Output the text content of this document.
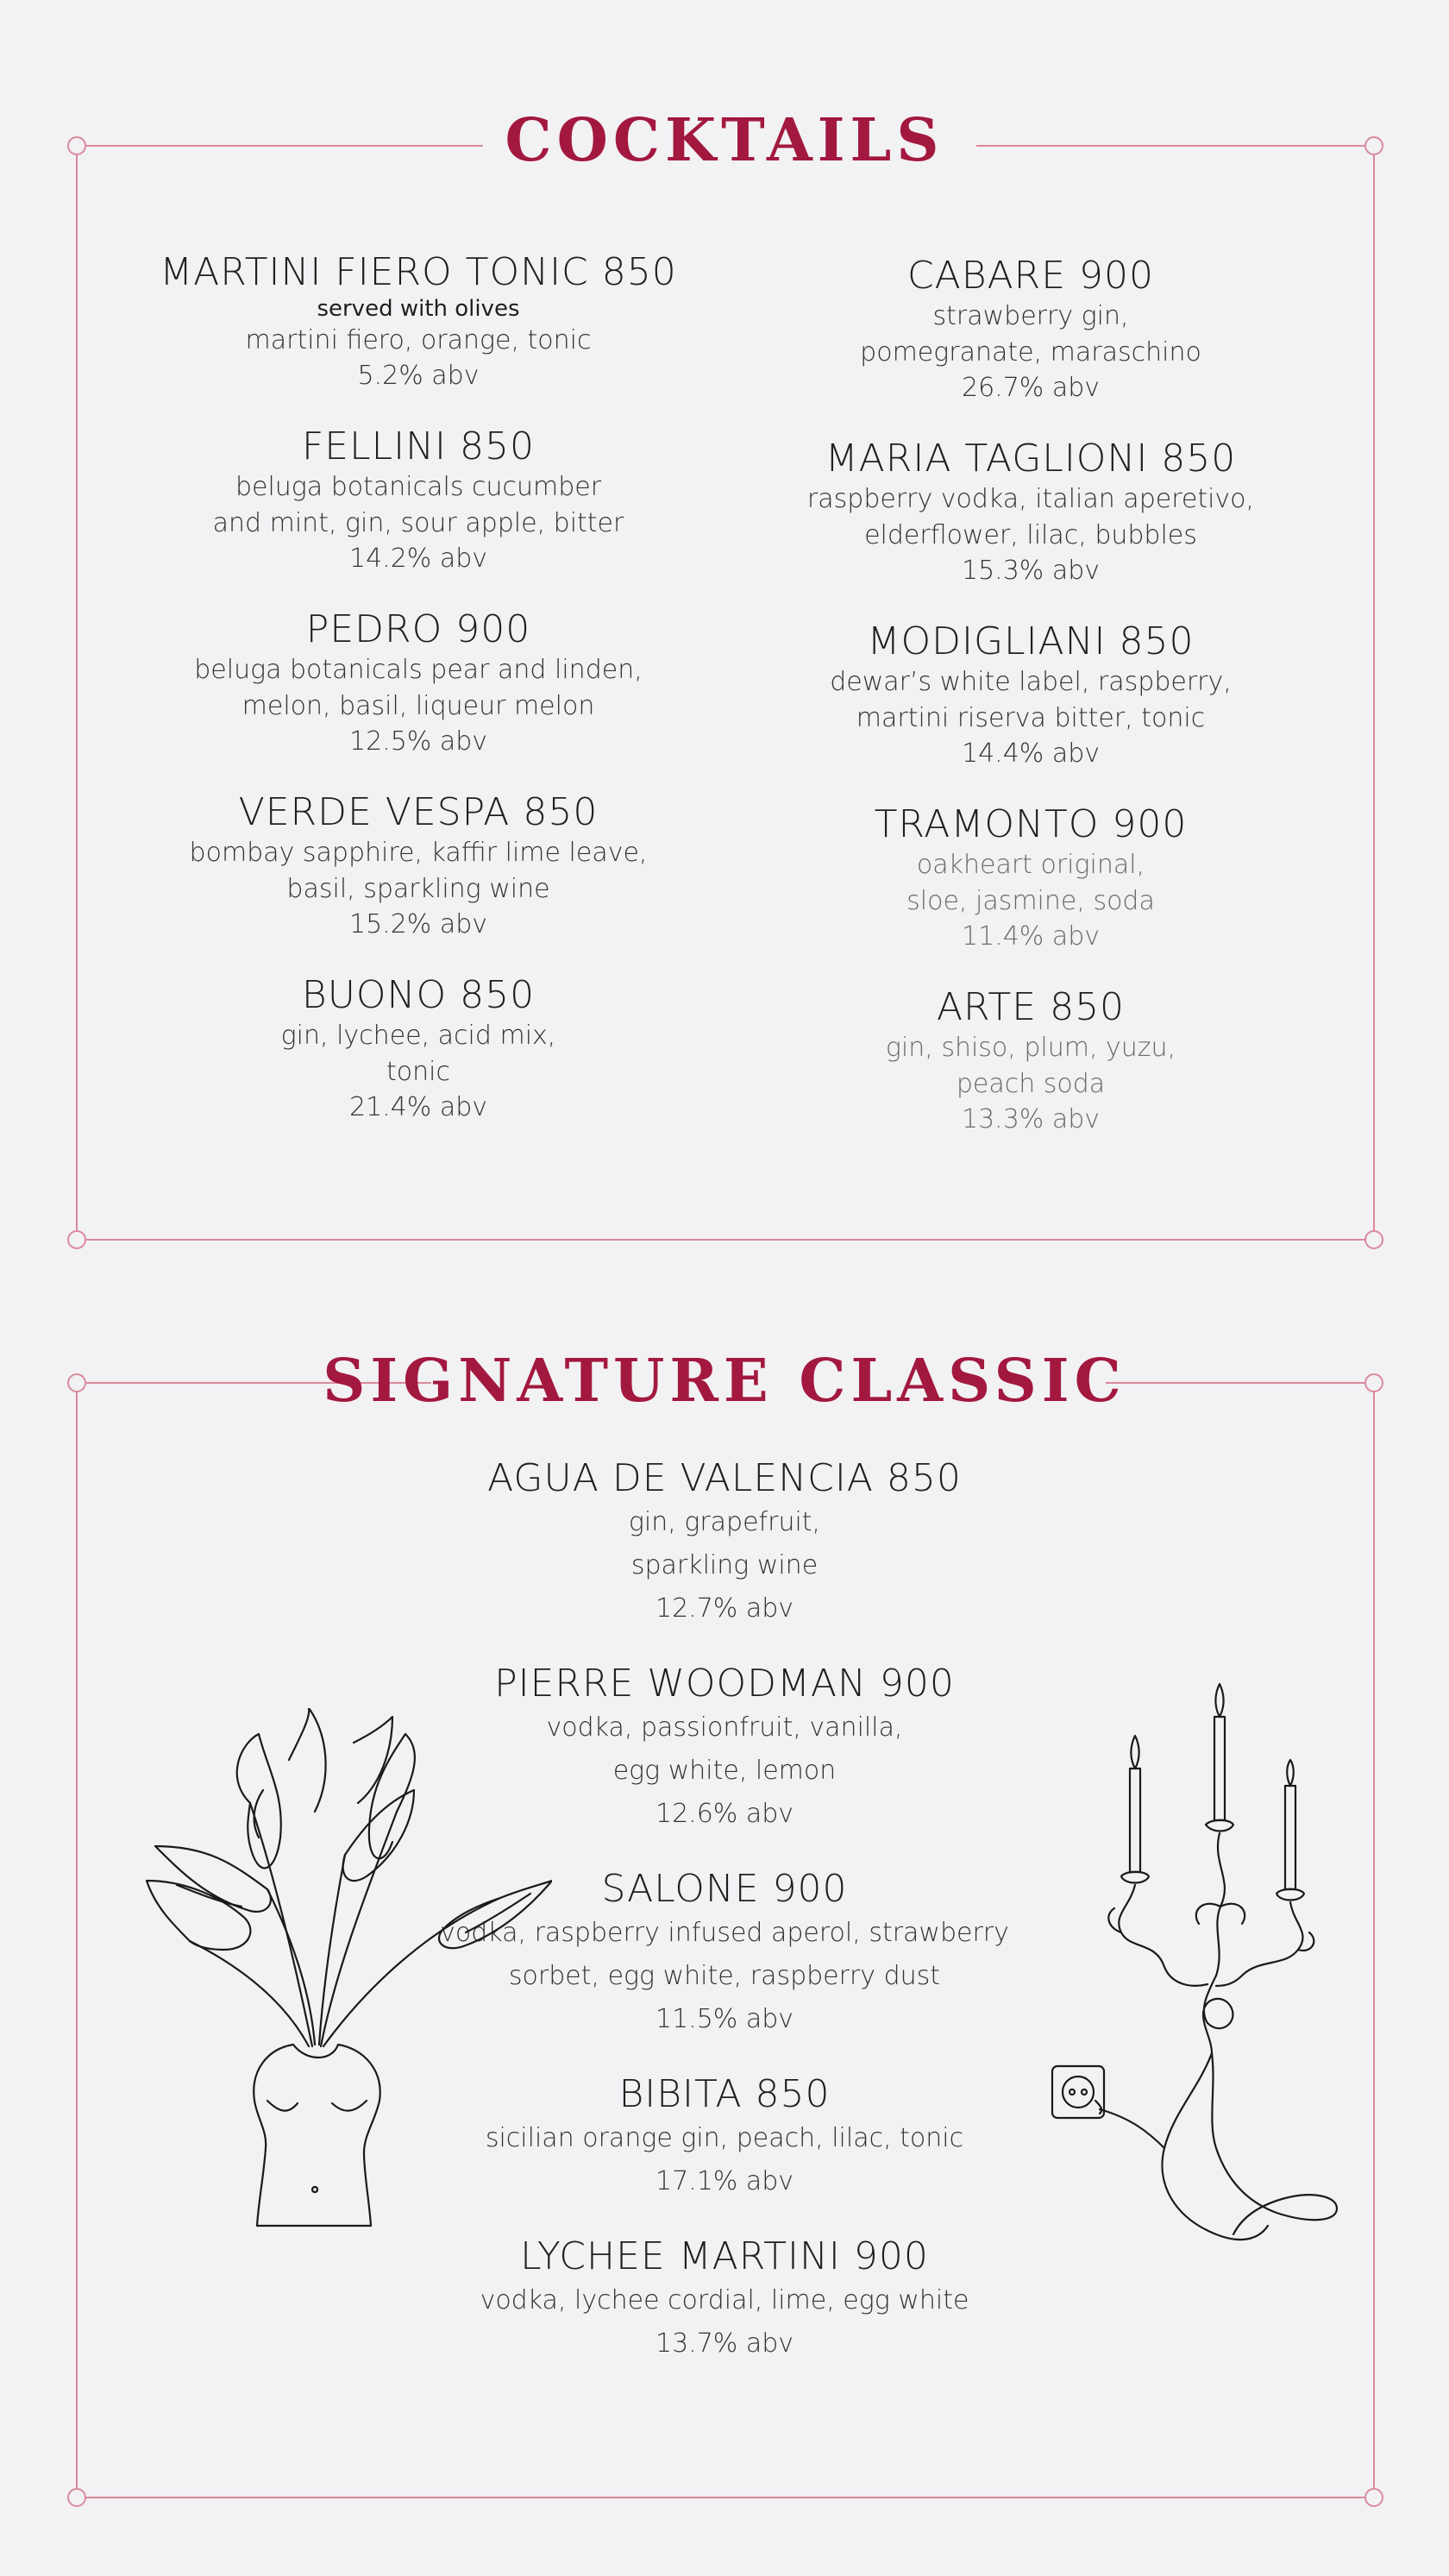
COCKTAILS
MARTINI FIERO TONIC 850
served with olives
martini fiero, orange, tonic
5.2% abv
FELLINI 850
beluga botanicals cucumber
and mint, gin, sour apple, bitter
14.2% abv
PEDRO 900
beluga botanicals pear and linden,
melon, basil, liqueur melon
12.5% abv
VERDE VESPA 850
bombay sapphire, kaffir lime leave,
basil, sparkling wine
15.2% abv
BUONO 850
gin, lychee, acid mix,
tonic
21.4% abv
CABARE 900
strawberry gin,
pomegranate, maraschino
26.7% abv
MARIA TAGLIONI 850
raspberry vodka, italian aperetivo,
elderflower, lilac, bubbles
15.3% abv
MODIGLIANI 850
dewar’s white label, raspberry,
martini riserva bitter, tonic
14.4% abv
TRAMONTO 900
oakheart original,
sloe, jasmine, soda
11.4% abv
ARTE 850
gin, shiso, plum, yuzu,
peach soda
13.3% abv
SIGNATURE CLASSIC
AGUA DE VALENCIA 850
gin, grapefruit,
sparkling wine
12.7% abv
PIERRE WOODMAN 900
vodka, passionfruit, vanilla,
egg white, lemon
12.6% abv
SALONE 900
vodka, raspberry infused aperol, strawberry
sorbet, egg white, raspberry dust
11.5% abv
BIBITA 850
sicilian orange gin, peach, lilac, tonic
17.1% abv
LYCHEE MARTINI 900
vodka, lychee cordial, lime, egg white
13.7% abv
